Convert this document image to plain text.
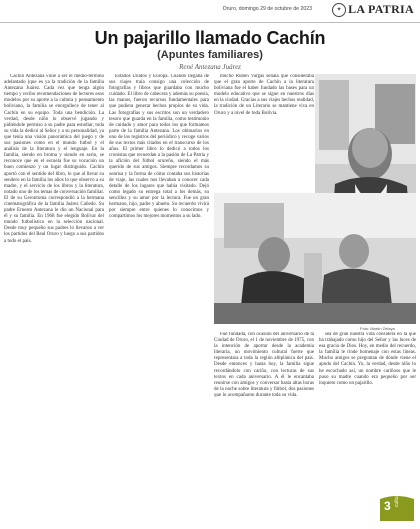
Oruro, domingo 29 de octubre de 2023	✦ LA PATRIA
Un pajarillo llamado Cachín
(Apuntes familiares)
René Antezana Juárez

Cachín Antezana vinie a ser el medio-término adelantado (que es ya la tradición de la familia Antezana Juárez. Cada vez que tenga algún tiempo y recibo recomendaciones de lectores esos modelos por su aporte a la cultura y pensamiento boliviano, la familia se enorgullece de tener al Cachín en su equipo. Toda una bendición. La verdad, desde niño lo observé jugando y pidiéndole permiso a su padre para estudiar, toda su vida la dedicó al Señor y a su personalidad, ya que tenía una visión panorámica del juego y de sus pasiones como en el mundo futbol y el análisis de la literatura y el lenguaje. En la familia, siendo en broma y siendo en serio, se reconoce que en el escuela fue su vocación un buen comienzo y un lugar distinguido. Cachín aportó con el sentido del libro, lo que al llevar su sendero en la familia los años lo que observo a su madre, y el servicio de los libros y la literatura, notado uno de los temas de conversación familiar. El de su Gerontoma correspondió a la hermana cinematográfica de la familia Juárez Cañedo. Su padre Ernesto Antezana le dio un Nacional para él y su familia. En 1968 fue elegido Bolívar del mundo futbolístico en la selección nacional. Desde muy pequeño sus padres lo llevaron a ver los partidos del Real Oruro y luego a sus partidos a todo el país.

Estados Unidos y Europa. Cuando llegaba de sus viajes traía consigo una colección de fotografías y libros que guardaba con mucho cuidado. El libro de cabecera y además su poesía, las manos, fueron recursos fundamentales para que pudiera generar hechos propios de su vida. Las fotografías y sus escritos son un verdadero tesoro que guarda en la familia, como testimonio de cuidado y amor para todos los que formamos parte de la familia Antezana. Los obituarios en uno de los registros del periódico y recoge varios de sus textos más citados en el transcurso de los años. El primer libro lo dedicó a todos los cronistas que recuerdan a la pasión de La Patria y la afición del fútbol orureño, siendo el más querido de sus amigos. Siempre recordamos su sonrisa y la forma de cómo contaba sus historias de viaje, las cuales nos llevaban a conocer cada detalle de los lugares que había visitado. Dejó como legado su entrega total a los demás, su sencillez y su amor por la lectura. Fue un gran hermano, hijo, padre y abuelo. Su recuerdo vivirá por siempre entre quienes lo conocimos y compartimos los mejores momentos a su lado.

mucho Rubén Vargas señala que consideraba que el gran aporte de Cachín a la literatura boliviana fue el haber fundado las bases para un modelo educativo que se sigue en nuestros días en la ciudad. Gracias a sus viajes hechos realidad, la tradición de un Literario se mantiene viva en Oruro y a nivel de toda Bolivia.

Foto: Martín Zelaya

Fue fundada, con ocasión del aniversario de la Ciudad de Oruro, el 1 de noviembre de 1975, con la intención de aportar desde la academia literaria, un movimiento cultural fuerte que representara a toda la región altiplánica del país. Desde entonces y hasta hoy, la familia sigue recordándolo con cariño, con lecturas de sus textos en cada aniversario. A él le encantaba reunirse con amigos y conversar hasta altas horas de la noche sobre literatura y fútbol, dos pasiones que lo acompañaron durante toda su vida.

sea de gran nuestra vida considera en la que ha trabajado como hijo del Señor y las luces de esa gracia de Dios. Hoy, en medio del recuerdo, la familia le rinde homenaje con estas líneas. Mucho amigos se preguntan de dónde viene el apodo del Cachín. Yo, la verdad, desde niño lo he escuchado así, un nombre cariñoso que le puso su madre cuando era pequeño por ser inquieto como un pajarillo.

3 cultural
